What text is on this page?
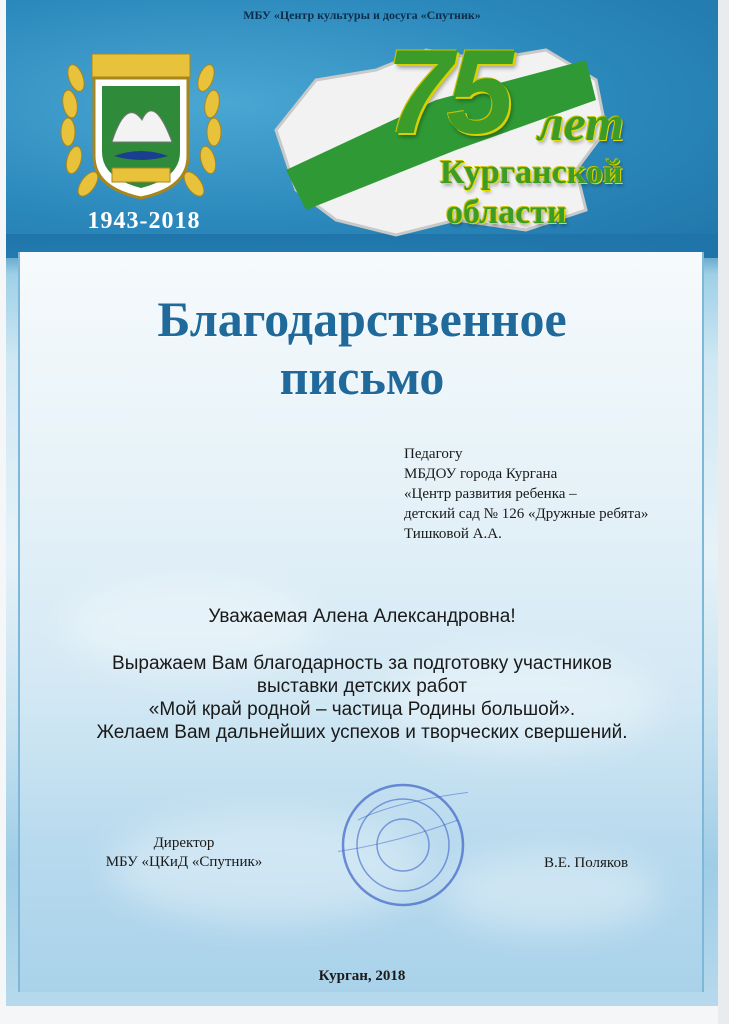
МБУ «Центр культуры и досуга «Спутник»
1943-2018
75 лет
Курганской
области
Благодарственное
письмо
Педагогу
МБДОУ города Кургана
«Центр развития ребенка –
детский сад № 126 «Дружные ребята»
Тишковой А.А.
Уважаемая Алена Александровна!
Выражаем Вам благодарность за подготовку участников
выставки детских работ
«Мой край родной – частица Родины большой».
Желаем Вам дальнейших успехов и творческих свершений.
Директор
МБУ «ЦКиД «Спутник»	В.Е. Поляков
Курган, 2018
